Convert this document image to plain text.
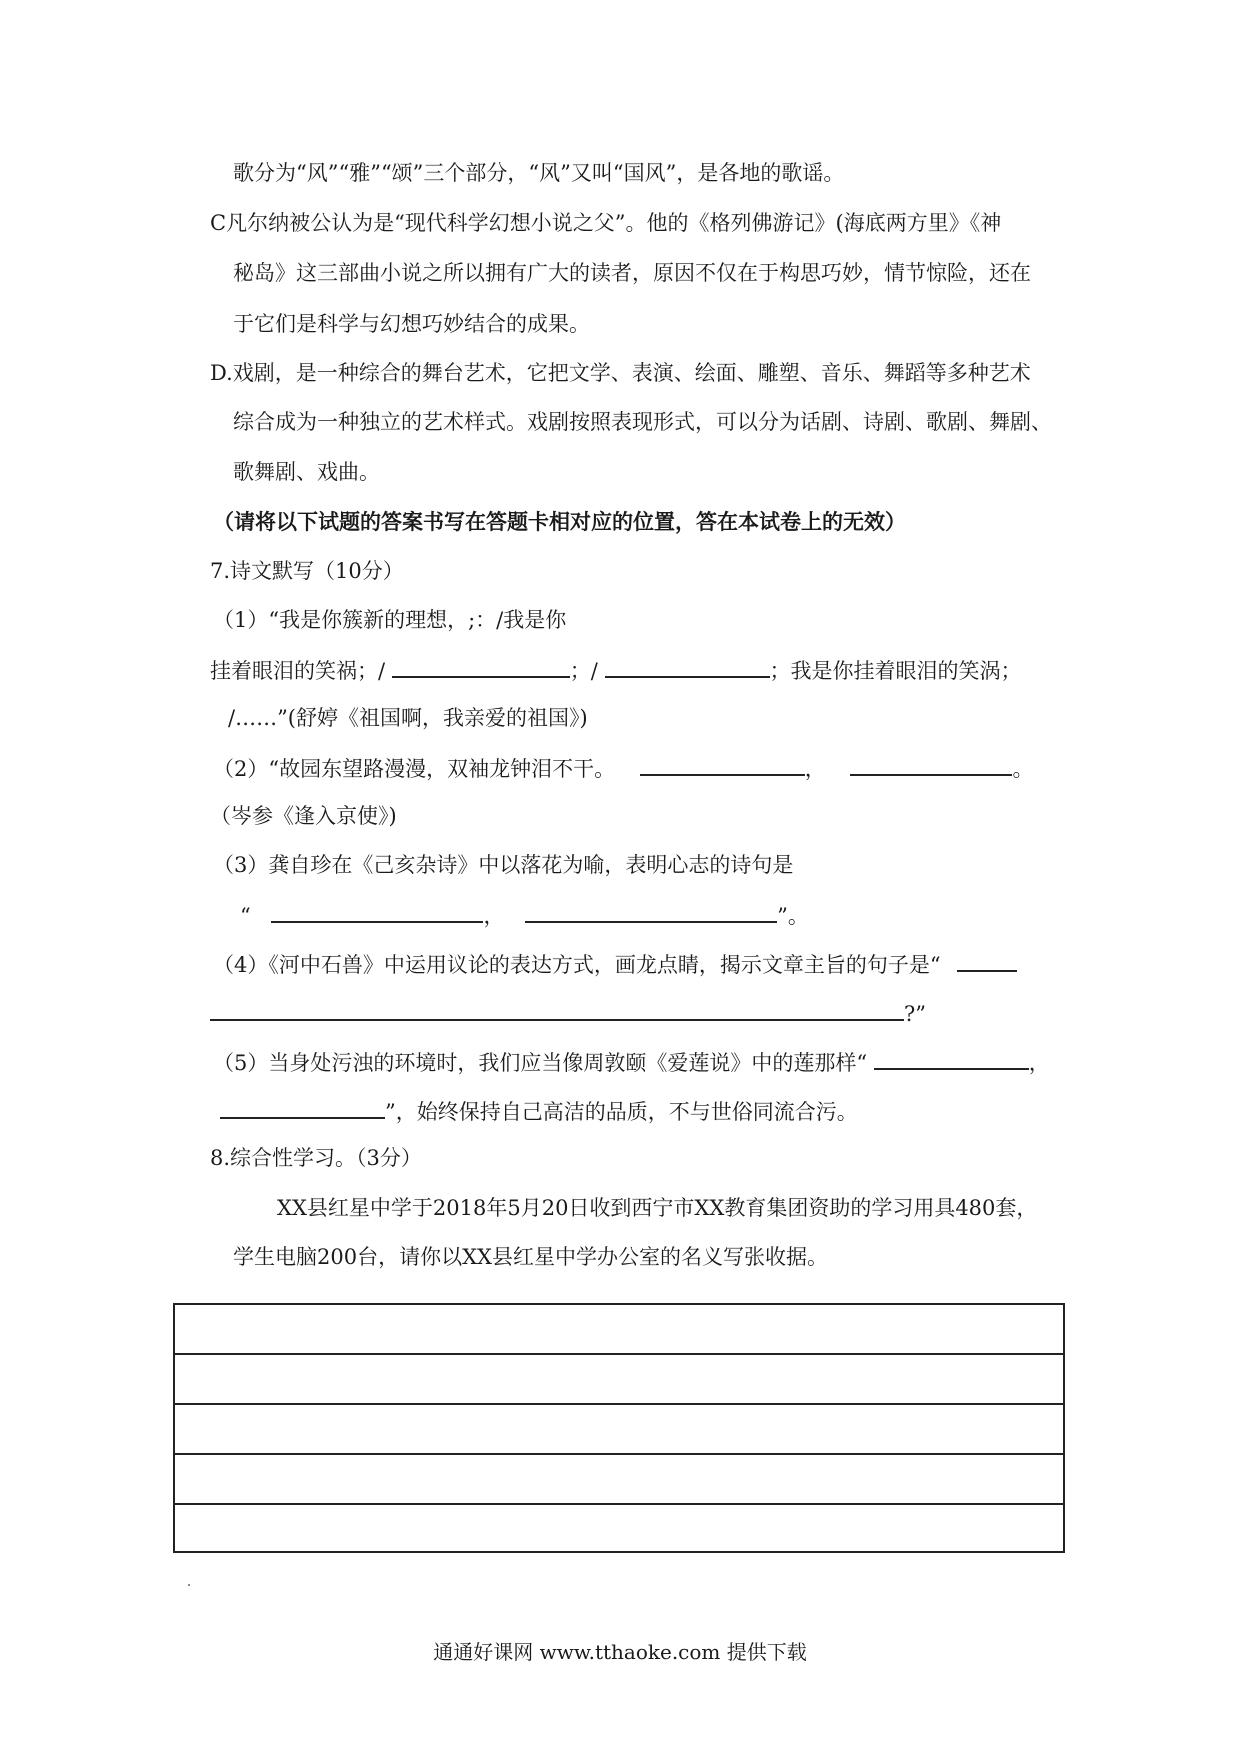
歌分为“风”“雅”“颂”三个部分，“风”又叫“国风”，是各地的歌谣。
C凡尔纳被公认为是“现代科学幻想小说之父”。他的《格列佛游记》(海底两方里》《神
秘岛》这三部曲小说之所以拥有广大的读者，原因不仅在于构思巧妙，情节惊险，还在
于它们是科学与幻想巧妙结合的成果。
D.戏剧，是一种综合的舞台艺术，它把文学、表演、绘面、雕塑、音乐、舞蹈等多种艺术
综合成为一种独立的艺术样式。戏剧按照表现形式，可以分为话剧、诗剧、歌剧、舞剧、
歌舞剧、戏曲。
（请将以下试题的答案书写在答题卡相对应的位置，答在本试卷上的无效）
7.诗文默写（10分）
（1）“我是你簇新的理想，;：/我是你
挂着眼泪的笑祸；/	；/	；我是你挂着眼泪的笑涡；
/……”(舒婷《祖国啊，我亲爱的祖国》)
（2）“故园东望路漫漫，双袖龙钟泪不干。	，	。
（岑参《逢入京使》)
（3）龚自珍在《己亥杂诗》中以落花为喻，表明心志的诗句是
“	，	”。
（4）《河中石兽》中运用议论的表达方式，画龙点睛，揭示文章主旨的句子是“
?”
（5）当身处污浊的环境时，我们应当像周敦颐《爱莲说》中的莲那样“	，
”，始终保持自己高洁的品质，不与世俗同流合污。
8.综合性学习。（3分）
XX县红星中学于2018年5月20日收到西宁市XX教育集团资助的学习用具480套，
学生电脑200台，请你以XX县红星中学办公室的名义写张收据。
通通好课网 www.tthaoke.com 提供下载
